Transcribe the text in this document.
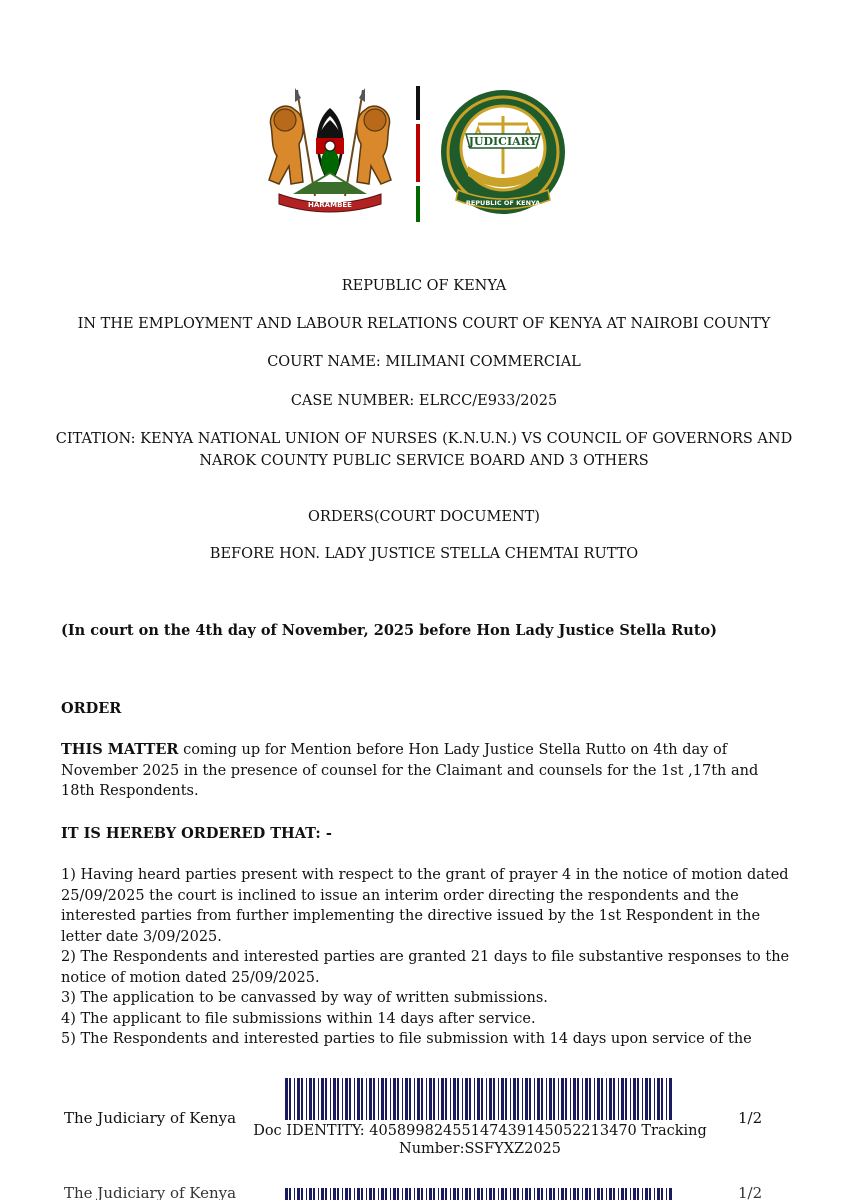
HARAMBEE
JUDICIARY
REPUBLIC OF KENYA
REPUBLIC OF KENYA
IN THE EMPLOYMENT AND LABOUR RELATIONS COURT OF KENYA AT NAIROBI COUNTY
COURT NAME: MILIMANI COMMERCIAL
CASE NUMBER: ELRCC/E933/2025
CITATION: KENYA NATIONAL UNION OF NURSES (K.N.U.N.) VS COUNCIL OF GOVERNORS AND NAROK COUNTY PUBLIC SERVICE BOARD AND 3 OTHERS
ORDERS(COURT DOCUMENT)
BEFORE HON. LADY JUSTICE STELLA CHEMTAI RUTTO
(In court on the 4th day of November, 2025 before Hon Lady Justice Stella Ruto)
ORDER
THIS MATTER coming up for Mention before Hon Lady Justice Stella Rutto on 4th day of November 2025 in the presence of counsel for the Claimant and counsels for the 1st ,17th and 18th Respondents.
IT IS HEREBY ORDERED THAT: -
1) Having heard parties present with respect to the grant of prayer 4 in the notice of motion dated 25/09/2025 the court is inclined to issue an interim order directing the respondents and the interested parties from further implementing the directive issued by the 1st Respondent in the letter date 3/09/2025.
2) The Respondents and interested parties are granted 21 days to file substantive responses to the notice of motion dated 25/09/2025.
3) The application to be canvassed by way of written submissions.
4) The applicant to file submissions within 14 days after service.
5) The Respondents and interested parties to file submission with 14 days upon service of the
The Judiciary of Kenya
Doc IDENTITY: 40589982455147439145052213470⁠ Tracking Number:SSFYXZ2025
1/2
The Judiciary of Kenya	1/2
